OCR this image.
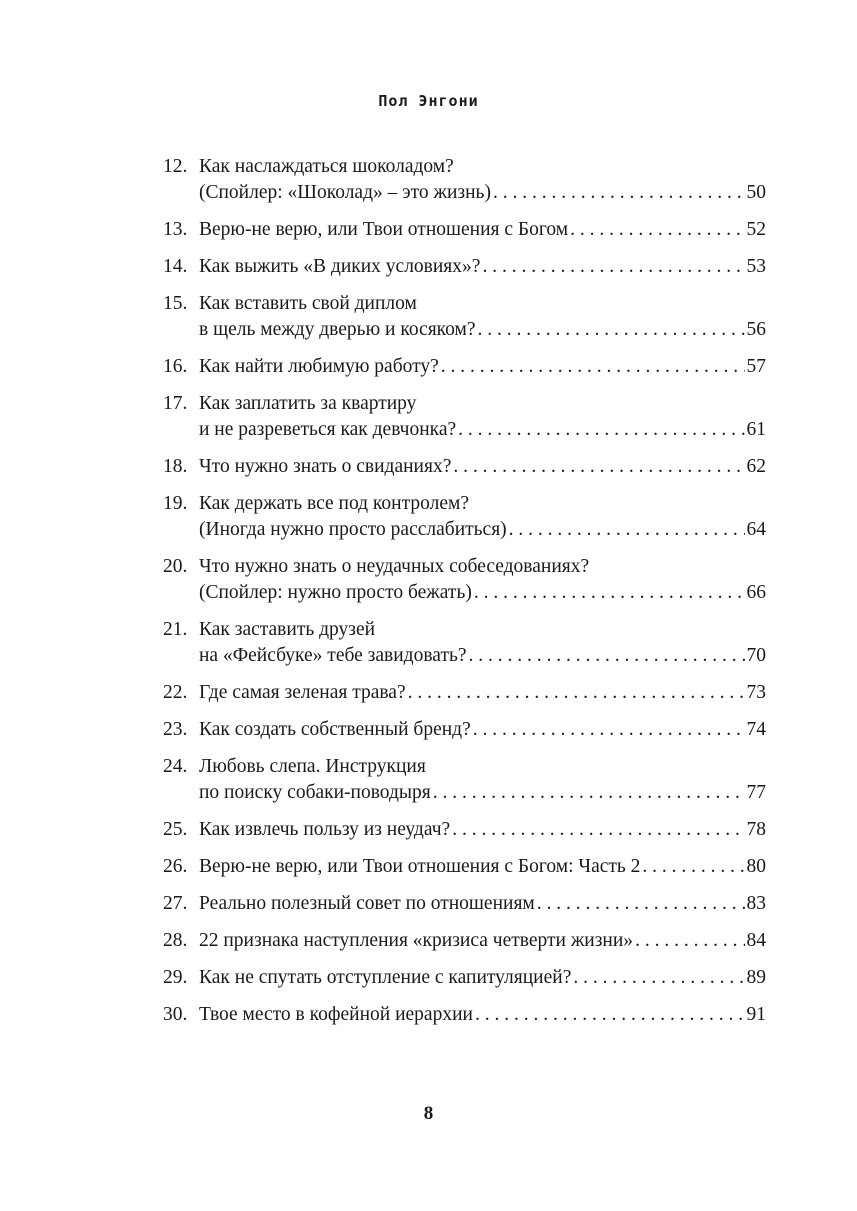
Пол Энгони
12. Как наслаждаться шоколадом?
(Спойлер: «Шоколад» – это жизнь) . . .	50
13. Верю-не верю, или Твои отношения с Богом . . .	52
14. Как выжить «В диких условиях»? . . .	53
15. Как вставить свой диплом
в щель между дверью и косяком? . . .	56
16. Как найти любимую работу? . . .	57
17. Как заплатить за квартиру
и не разреветься как девчонка? . . .	61
18. Что нужно знать о свиданиях? . . .	62
19. Как держать все под контролем?
(Иногда нужно просто расслабиться) . . .	64
20. Что нужно знать о неудачных собеседованиях?
(Спойлер: нужно просто бежать) . . .	66
21. Как заставить друзей
на «Фейсбуке» тебе завидовать? . . .	70
22. Где самая зеленая трава? . . .	73
23. Как создать собственный бренд? . . .	74
24. Любовь слепа. Инструкция
по поиску собаки-поводыря . . .	77
25. Как извлечь пользу из неудач? . . .	78
26. Верю-не верю, или Твои отношения с Богом: Часть 2 . . .	80
27. Реально полезный совет по отношениям . . .	83
28. 22 признака наступления «кризиса четверти жизни» . . .	84
29. Как не спутать отступление с капитуляцией? . . .	89
30. Твое место в кофейной иерархии . . .	91
8
